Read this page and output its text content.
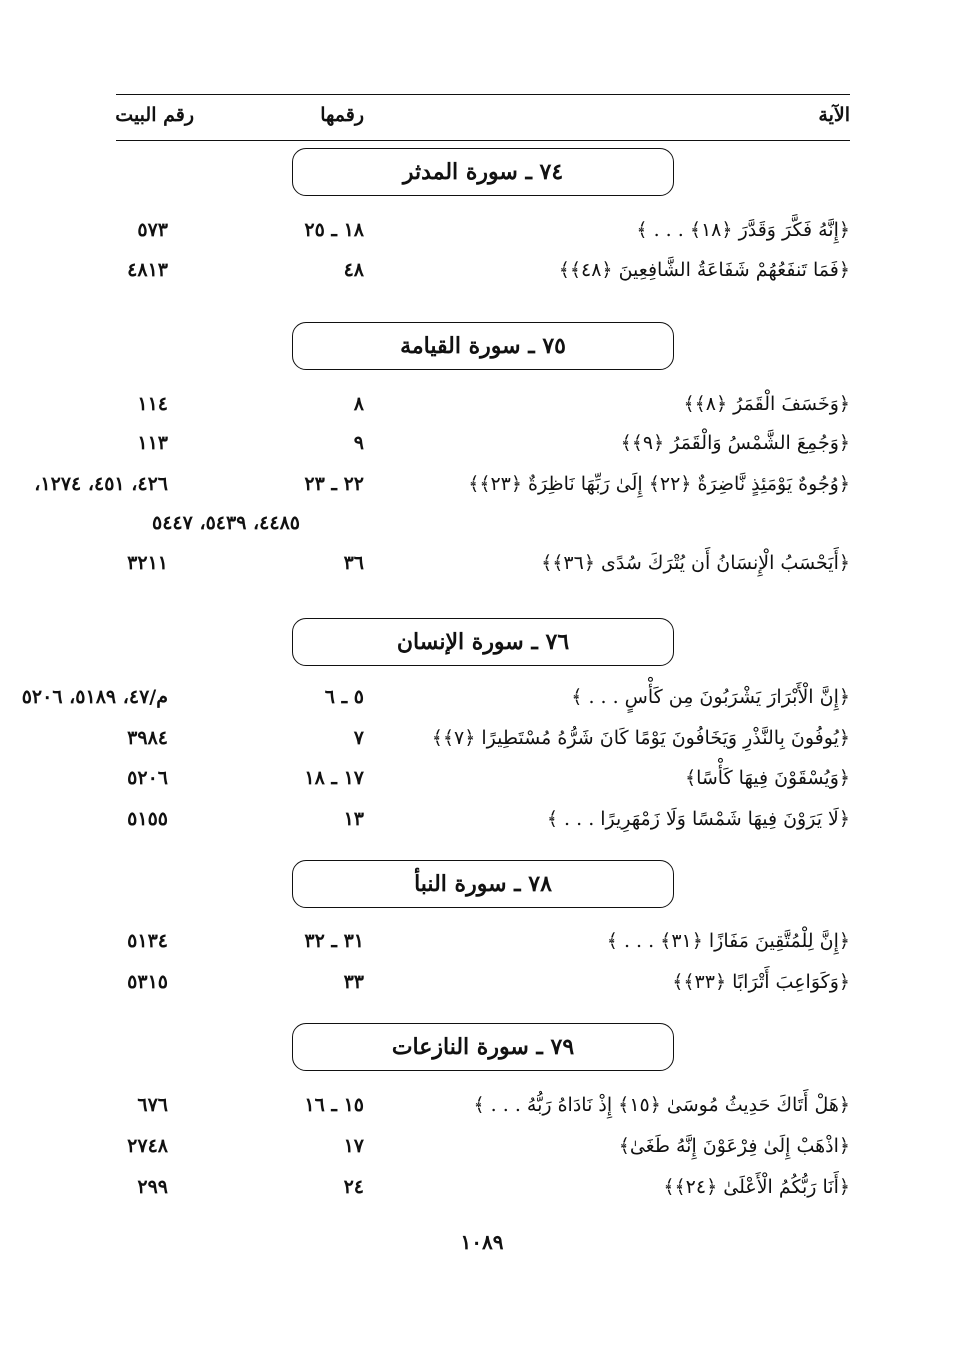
الآية
رقمها
رقم البيت
٧٤ ـ سورة المدثر
﴿إِنَّهُ فَكَّرَ وَقَدَّرَ ﴿١٨﴾ . . . ﴾
١٨ ـ ٢٥
٥٧٣
﴿فَمَا تَنفَعُهُمْ شَفَاعَةُ الشَّافِعِينَ ﴿٤٨﴾﴾
٤٨
٤٨١٣
٧٥ ـ سورة القيامة
﴿وَخَسَفَ الْقَمَرُ ﴿٨﴾﴾
٨
١١٤
﴿وَجُمِعَ الشَّمْسُ وَالْقَمَرُ ﴿٩﴾﴾
٩
١١٣
﴿وُجُوهٌ يَوْمَئِذٍ نَّاضِرَةٌ ﴿٢٢﴾ إِلَىٰ رَبِّهَا نَاظِرَةٌ ﴿٢٣﴾﴾
٢٢ ـ ٢٣
٤٢٦، ٤٥١، ١٢٧٤،
٤٤٨٥، ٥٤٣٩، ٥٤٤٧
﴿أَيَحْسَبُ الْإِنسَانُ أَن يُتْرَكَ سُدًى ﴿٣٦﴾﴾
٣٦
٣٢١١
٧٦ ـ سورة الإنسان
﴿إِنَّ الْأَبْرَارَ يَشْرَبُونَ مِن كَأْسٍ . . . ﴾
٥ ـ ٦
م/٤٧، ٥١٨٩، ٥٢٠٦
﴿يُوفُونَ بِالنَّذْرِ وَيَخَافُونَ يَوْمًا كَانَ شَرُّهُ مُسْتَطِيرًا ﴿٧﴾﴾
٧
٣٩٨٤
﴿وَيُسْقَوْنَ فِيهَا كَأْسًا﴾
١٧ ـ ١٨
٥٢٠٦
﴿لَا يَرَوْنَ فِيهَا شَمْسًا وَلَا زَمْهَرِيرًا . . . ﴾
١٣
٥١٥٥
٧٨ ـ سورة النبأ
﴿إِنَّ لِلْمُتَّقِينَ مَفَازًا ﴿٣١﴾ . . . ﴾
٣١ ـ ٣٢
٥١٣٤
﴿وَكَوَاعِبَ أَتْرَابًا ﴿٣٣﴾﴾
٣٣
٥٣١٥
٧٩ ـ سورة النازعات
﴿هَلْ أَتَاكَ حَدِيثُ مُوسَىٰ ﴿١٥﴾ إِذْ نَادَاهُ رَبُّهُ . . . ﴾
١٥ ـ ١٦
٦٧٦
﴿اذْهَبْ إِلَىٰ فِرْعَوْنَ إِنَّهُ طَغَىٰ﴾
١٧
٢٧٤٨
﴿أَنَا رَبُّكُمُ الْأَعْلَىٰ ﴿٢٤﴾﴾
٢٤
٢٩٩
١٠٨٩
